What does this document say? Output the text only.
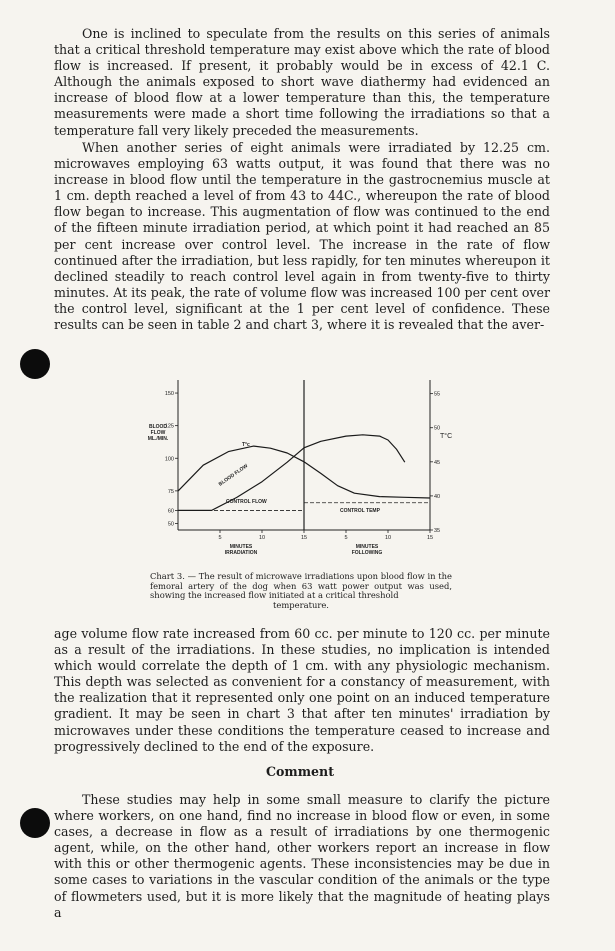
One is inclined to speculate from the results on this series of animals that a critical threshold temperature may exist above which the rate of blood flow is increased. If present, it probably would be in excess of 42.1 C. Although the animals exposed to short wave diathermy had evidenced an increase of blood flow at a lower temperature than this, the temperature measurements were made a short time following the irradiations so that a temperature fall very likely preceded the measurements.

When another series of eight animals were irradiated by 12.25 cm. microwaves employing 63 watts output, it was found that there was no increase in blood flow until the temperature in the gastrocnemius muscle at 1 cm. depth reached a level of from 43 to 44C., whereupon the rate of blood flow began to increase. This augmentation of flow was continued to the end of the fifteen minute irradiation period, at which point it had reached an 85 per cent increase over control level. The increase in the rate of flow continued after the irradiation, but less rapidly, for ten minutes whereupon it declined steadily to reach control level again in from twenty-five to thirty minutes. At its peak, the rate of volume flow was increased 100 per cent over the control level, significant at the 1 per cent level of confidence. These results can be seen in table 2 and chart 3, where it is revealed that the aver-

150
125
100
75
60
50
35
40
45
50
55
5	10	15	5	10	15
BLOOD
FLOW
ML./MIN.	T°C
T°c
BLOOD FLOW
CONTROL FLOW
CONTROL TEMP
MINUTES
IRRADIATION
MINUTES
FOLLOWING

Chart 3. — The result of microwave irradiations upon blood flow in the femoral artery of the dog when 63 watt power output was used, showing the increased flow initiated at a critical threshold
temperature.

age volume flow rate increased from 60 cc. per minute to 120 cc. per minute as a result of the irradiations. In these studies, no implication is intended which would correlate the depth of 1 cm. with any physiologic mechanism. This depth was selected as convenient for a constancy of measurement, with the realization that it represented only one point on an induced temperature gradient. It may be seen in chart 3 that after ten minutes' irradiation by microwaves under these conditions the temperature ceased to increase and progressively declined to the end of the exposure.

Comment

These studies may help in some small measure to clarify the picture where workers, on one hand, find no increase in blood flow or even, in some cases, a decrease in flow as a result of irradiations by one thermogenic agent, while, on the other hand, other workers report an increase in flow with this or other thermogenic agents. These inconsistencies may be due in some cases to variations in the vascular condition of the animals or the type of flowmeters used, but it is more likely that the magnitude of heating plays a
